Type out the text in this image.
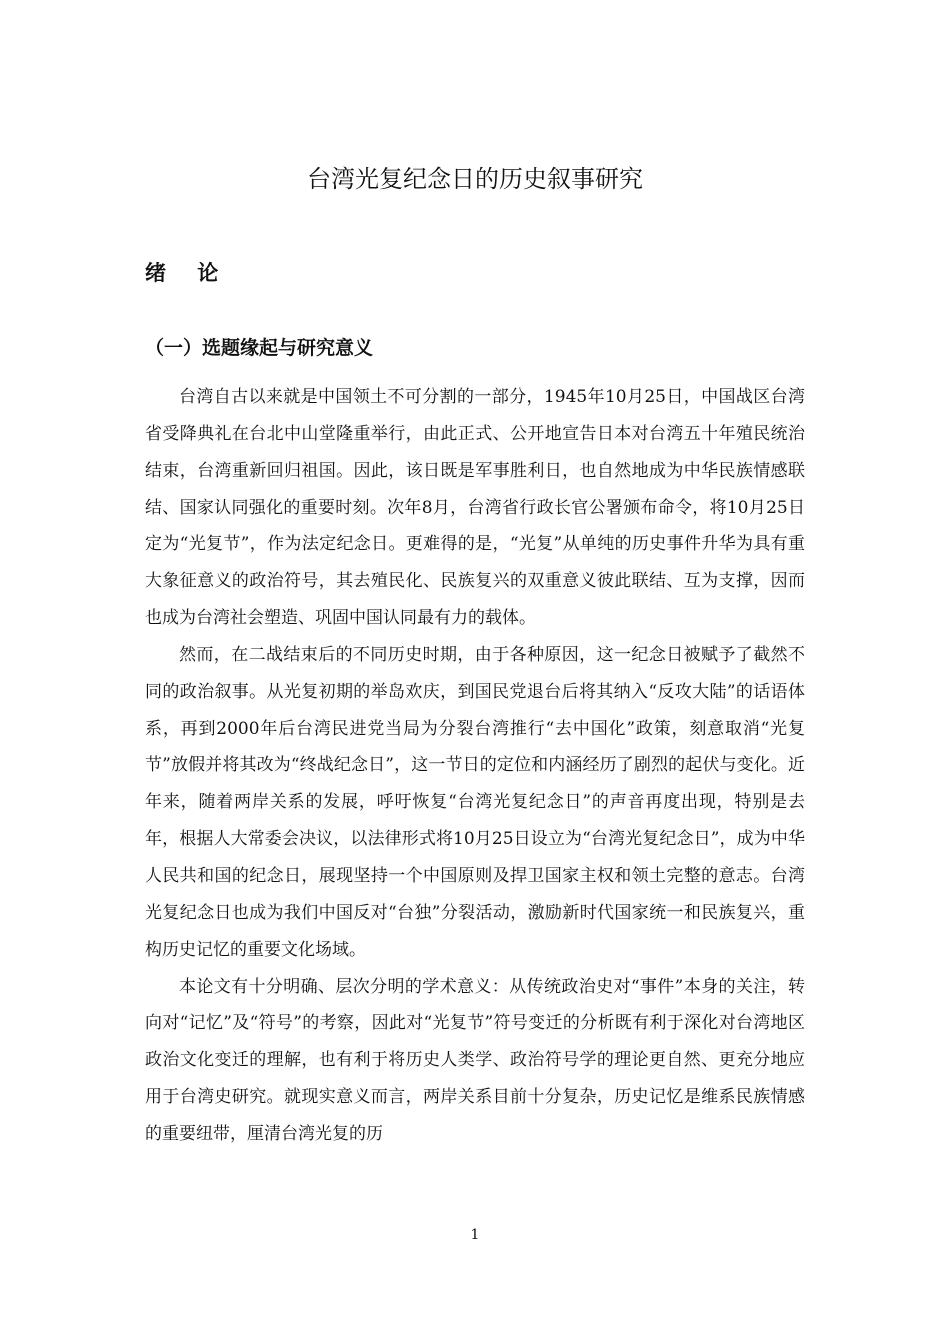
台湾光复纪念日的历史叙事研究
绪 论
（一）选题缘起与研究意义

台湾自古以来就是中国领土不可分割的一部分，1945年10月25日，中国战区台湾省受降典礼在台北中山堂隆重举行，由此正式、公开地宣告日本对台湾五十年殖民统治结束，台湾重新回归祖国。因此，该日既是军事胜利日，也自然地成为中华民族情感联结、国家认同强化的重要时刻。次年8月，台湾省行政长官公署颁布命令，将10月25日定为“光复节”，作为法定纪念日。更难得的是，“光复”从单纯的历史事件升华为具有重大象征意义的政治符号，其去殖民化、民族复兴的双重意义彼此联结、互为支撑，因而也成为台湾社会塑造、巩固中国认同最有力的载体。

然而，在二战结束后的不同历史时期，由于各种原因，这一纪念日被赋予了截然不同的政治叙事。从光复初期的举岛欢庆，到国民党退台后将其纳入“反攻大陆”的话语体系，再到2000年后台湾民进党当局为分裂台湾推行“去中国化”政策，刻意取消“光复节”放假并将其改为“终战纪念日”，这一节日的定位和内涵经历了剧烈的起伏与变化。近年来，随着两岸关系的发展，呼吁恢复“台湾光复纪念日”的声音再度出现，特别是去年，根据人大常委会决议，以法律形式将10月25日设立为“台湾光复纪念日”，成为中华人民共和国的纪念日，展现坚持一个中国原则及捍卫国家主权和领土完整的意志。台湾光复纪念日也成为我们中国反对“台独”分裂活动，激励新时代国家统一和民族复兴，重构历史记忆的重要文化场域。

本论文有十分明确、层次分明的学术意义：从传统政治史对“事件”本身的关注，转向对“记忆”及“符号”的考察，因此对“光复节”符号变迁的分析既有利于深化对台湾地区政治文化变迁的理解，也有利于将历史人类学、政治符号学的理论更自然、更充分地应用于台湾史研究。就现实意义而言，两岸关系目前十分复杂，历史记忆是维系民族情感的重要纽带，厘清台湾光复的历

1
